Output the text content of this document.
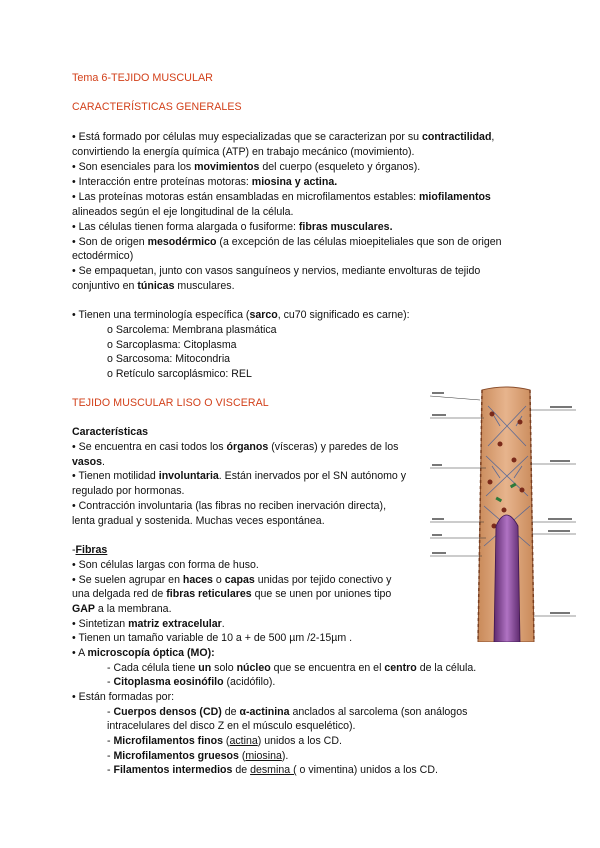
Tema 6-TEJIDO MUSCULAR
CARACTERÍSTICAS GENERALES
• Está formado por células muy especializadas que se caracterizan por su contractilidad,
convirtiendo la energía química (ATP) en trabajo mecánico (movimiento).
• Son esenciales para los movimientos del cuerpo (esqueleto y órganos).
• Interacción entre proteínas motoras: miosina y actina.
• Las proteínas motoras están ensambladas en microfilamentos estables: miofilamentos
alineados según el eje longitudinal de la célula.
• Las células tienen forma alargada o fusiforme: fibras musculares.
• Son de origen mesodérmico (a excepción de las células mioepiteliales que son de origen
ectodérmico)
• Se empaquetan, junto con vasos sanguíneos y nervios, mediante envolturas de tejido
conjuntivo en túnicas musculares.
• Tienen una terminología específica (sarco, cu70 significado es carne):
o Sarcolema: Membrana plasmática
o Sarcoplasma: Citoplasma
o Sarcosoma: Mitocondria
o Retículo sarcoplásmico: REL
TEJIDO MUSCULAR LISO O VISCERAL
Características
• Se encuentra en casi todos los órganos (vísceras) y paredes de los
vasos.
• Tienen motilidad involuntaria. Están inervados por el SN autónomo y
regulado por hormonas.
• Contracción involuntaria (las fibras no reciben inervación directa),
lenta gradual y sostenida. Muchas veces espontánea.
-Fibras
• Son células largas con forma de huso.
• Se suelen agrupar en haces o capas unidas por tejido conectivo y
una delgada red de fibras reticulares que se unen por uniones tipo
GAP a la membrana.
• Sintetizan matriz extracelular.
• Tienen un tamaño variable de 10 a + de 500 µm /2-15µm .
• A microscopía óptica (MO):
- Cada célula tiene un solo núcleo que se encuentra en el centro de la célula.
- Citoplasma eosinófilo (acidófilo).
• Están formadas por:
- Cuerpos densos (CD) de α-actinina anclados al sarcolema (son análogos
intracelulares del disco Z en el músculo esquelético).
- Microfilamentos finos (actina) unidos a los CD.
- Microfilamentos gruesos (miosina).
- Filamentos intermedios de desmina ( o vimentina) unidos a los CD.
